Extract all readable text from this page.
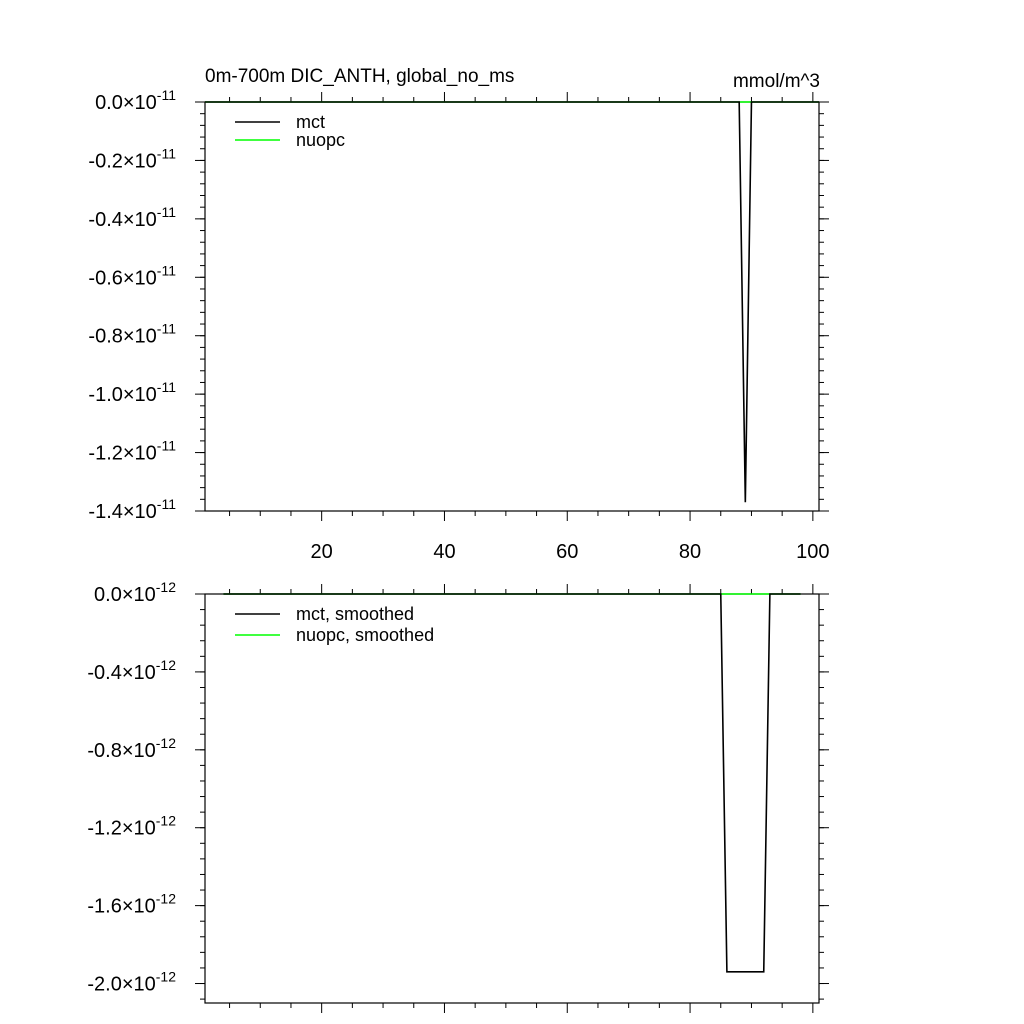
0m-700m DIC_ANTH, global_no_ms	mmol/m^3
$0.0\times 10^{-11}$
$-0.2\times 10^{-11}$
$-0.4\times 10^{-11}$
$-0.6\times 10^{-11}$
$-0.8\times 10^{-11}$
$-1.0\times 10^{-11}$
$-1.2\times 10^{-11}$
$-1.4\times 10^{-11}$
20	40	60	80	100
mct
nuopc
$0.0\times 10^{-12}$
$-0.4\times 10^{-12}$
$-0.8\times 10^{-12}$
$-1.2\times 10^{-12}$
$-1.6\times 10^{-12}$
$-2.0\times 10^{-12}$
mct, smoothed
nuopc, smoothed
